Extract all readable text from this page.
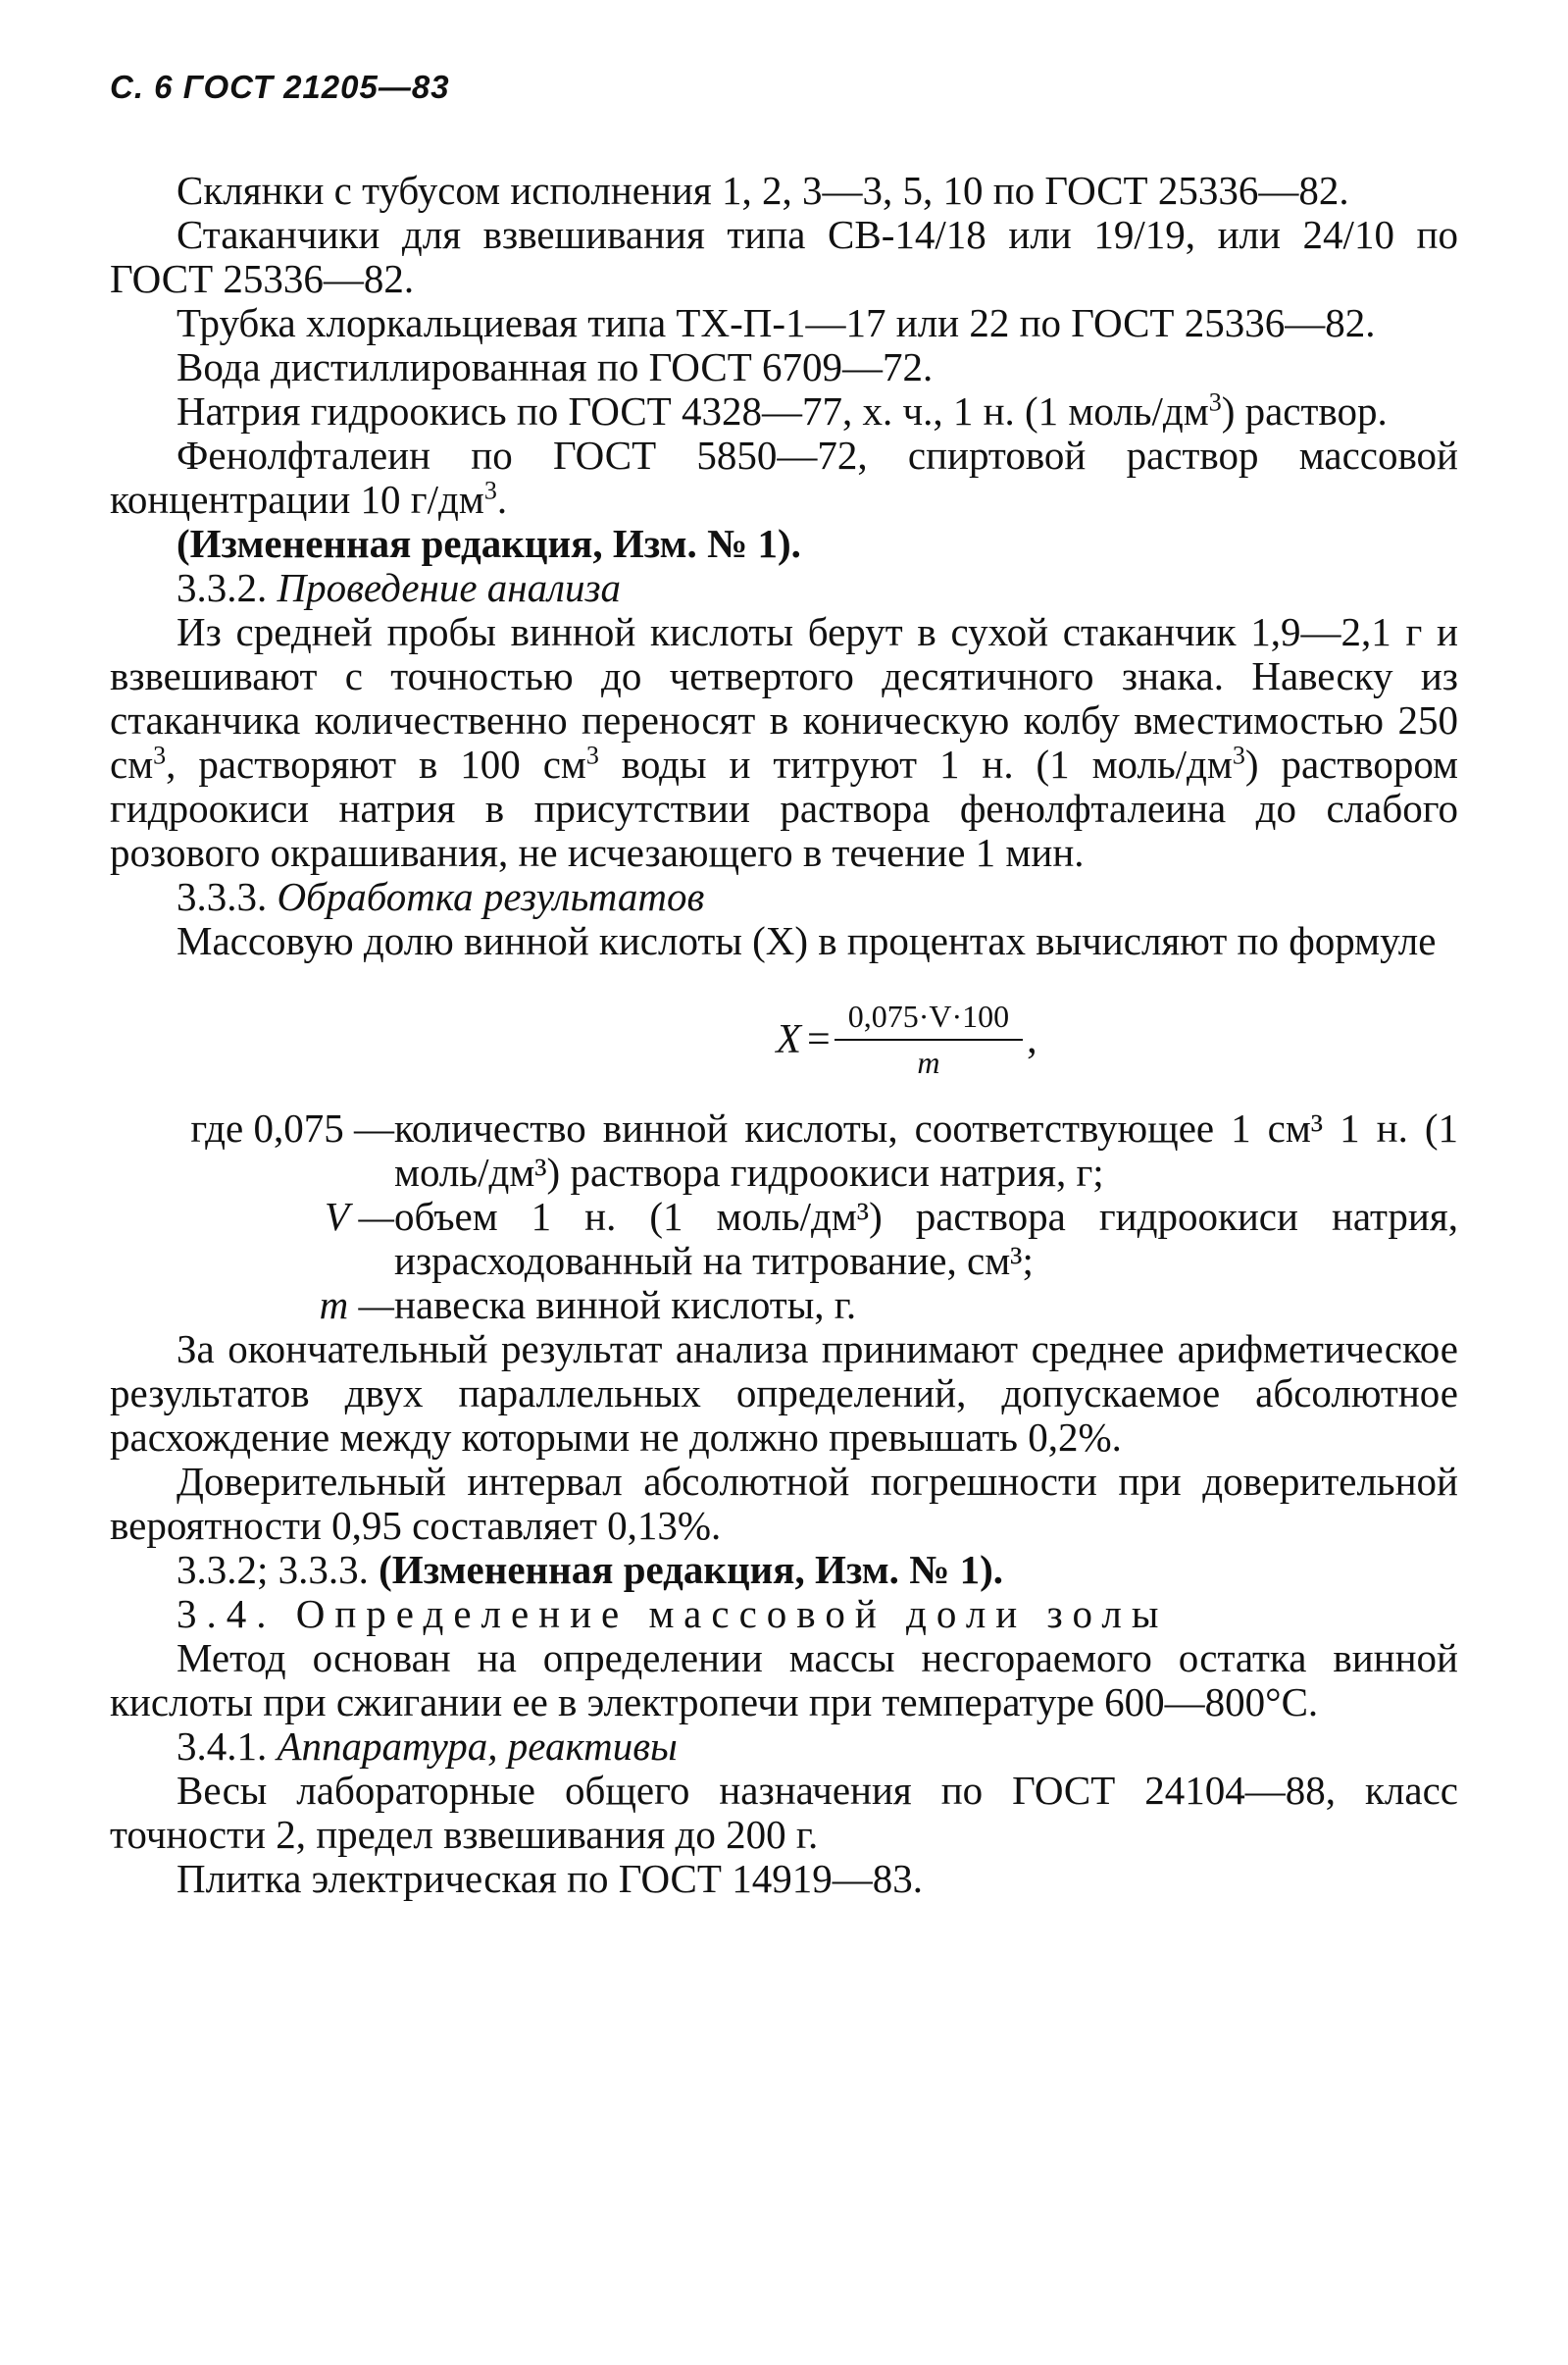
С. 6 ГОСТ 21205—83

Склянки с тубусом исполнения 1, 2, 3—3, 5, 10 по ГОСТ 25336—82.

Стаканчики для взвешивания типа СВ-14/18 или 19/19, или 24/10 по ГОСТ 25336—82.

Трубка хлоркальциевая типа ТХ-П-1—17 или 22 по ГОСТ 25336—82.

Вода дистиллированная по ГОСТ 6709—72.

Натрия гидроокись по ГОСТ 4328—77, х. ч., 1 н. (1 моль/$дм^3$) раствор.

Фенолфталеин по ГОСТ 5850—72, спиртовой раствор массовой концентрации 10 $г/дм^3$.

(Измененная редакция, Изм. № 1).

3.3.2. Проведение анализа

Из средней пробы винной кислоты берут в сухой стаканчик 1,9—2,1 г и взвешивают с точностью до четвертого десятичного знака. Навеску из стаканчика количественно переносят в коническую колбу вместимостью 250 $см^3$, растворяют в 100 $см^3$ воды и титруют 1 н. (1 моль/$дм^3$) раствором гидроокиси натрия в присутствии раствора фенолфталеина до слабого розового окрашивания, не исчезающего в течение 1 мин.

3.3.3. Обработка результатов

Массовую долю винной кислоты (X) в процентах вычисляют по формуле

$X = \frac{0,075\cdot V\cdot 100}{m}$ ,
где 0,075 — количество винной кислоты, соответствующее 1 см³ 1 н. (1 моль/дм³) раствора гидроокиси натрия, г;
V — объем 1 н. (1 моль/дм³) раствора гидроокиси натрия, израсходованный на титрование, см³;
m — навеска винной кислоты, г.

За окончательный результат анализа принимают среднее арифметическое результатов двух параллельных определений, допускаемое абсолютное расхождение между которыми не должно превышать 0,2%.

Доверительный интервал абсолютной погрешности при доверительной вероятности 0,95 составляет 0,13%.

3.3.2; 3.3.3. (Измененная редакция, Изм. № 1).

3.4. Определение массовой доли золы

Метод основан на определении массы несгораемого остатка винной кислоты при сжигании ее в электропечи при температуре 600—800°С.

3.4.1. Аппаратура, реактивы

Весы лабораторные общего назначения по ГОСТ 24104—88, класс точности 2, предел взвешивания до 200 г.

Плитка электрическая по ГОСТ 14919—83.
